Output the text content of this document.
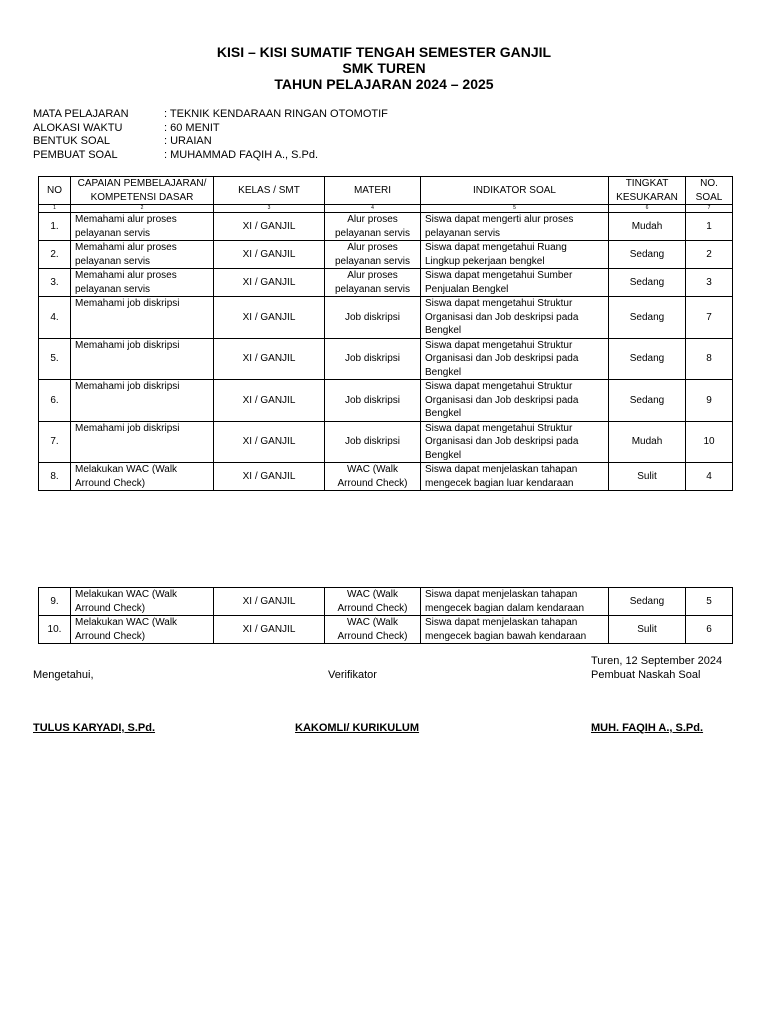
KISI – KISI SUMATIF TENGAH SEMESTER GANJIL
SMK TUREN
TAHUN PELAJARAN 2024 – 2025
MATA PELAJARAN	: TEKNIK KENDARAAN RINGAN OTOMOTIF
ALOKASI WAKTU	: 60 MENIT
BENTUK SOAL	: URAIAN
PEMBUAT SOAL	: MUHAMMAD FAQIH A., S.Pd.
NO	CAPAIAN PEMBELAJARAN/ KOMPETENSI DASAR	KELAS / SMT	MATERI	INDIKATOR SOAL	TINGKAT KESUKARAN	NO. SOAL
1	2	3	4	5	6	7
1.	Memahami alur proses pelayanan servis	XI / GANJIL	Alur proses pelayanan servis	Siswa dapat mengerti alur proses pelayanan servis	Mudah	1
2.	Memahami alur proses pelayanan servis	XI / GANJIL	Alur proses pelayanan servis	Siswa dapat mengetahui Ruang Lingkup pekerjaan bengkel	Sedang	2
3.	Memahami alur proses pelayanan servis	XI / GANJIL	Alur proses pelayanan servis	Siswa dapat mengetahui Sumber Penjualan Bengkel	Sedang	3
4.	Memahami job diskripsi	XI / GANJIL	Job diskripsi	Siswa dapat mengetahui Struktur Organisasi dan Job deskripsi pada Bengkel	Sedang	7
5.	Memahami job diskripsi	XI / GANJIL	Job diskripsi	Siswa dapat mengetahui Struktur Organisasi dan Job deskripsi pada Bengkel	Sedang	8
6.	Memahami job diskripsi	XI / GANJIL	Job diskripsi	Siswa dapat mengetahui Struktur Organisasi dan Job deskripsi pada Bengkel	Sedang	9
7.	Memahami job diskripsi	XI / GANJIL	Job diskripsi	Siswa dapat mengetahui Struktur Organisasi dan Job deskripsi pada Bengkel	Mudah	10
8.	Melakukan WAC (Walk Arround Check)	XI / GANJIL	WAC (Walk Arround Check)	Siswa dapat menjelaskan tahapan mengecek bagian luar kendaraan	Sulit	4
9.	Melakukan WAC (Walk Arround Check)	XI / GANJIL	WAC (Walk Arround Check)	Siswa dapat menjelaskan tahapan mengecek bagian dalam kendaraan	Sedang	5
10.	Melakukan WAC (Walk Arround Check)	XI / GANJIL	WAC (Walk Arround Check)	Siswa dapat menjelaskan tahapan mengecek bagian bawah kendaraan	Sulit	6
Turen, 12 September 2024
Mengetahui,	Verifikator	Pembuat Naskah Soal
TULUS KARYADI, S.Pd.	KAKOMLI/ KURIKULUM	MUH. FAQIH A., S.Pd.
